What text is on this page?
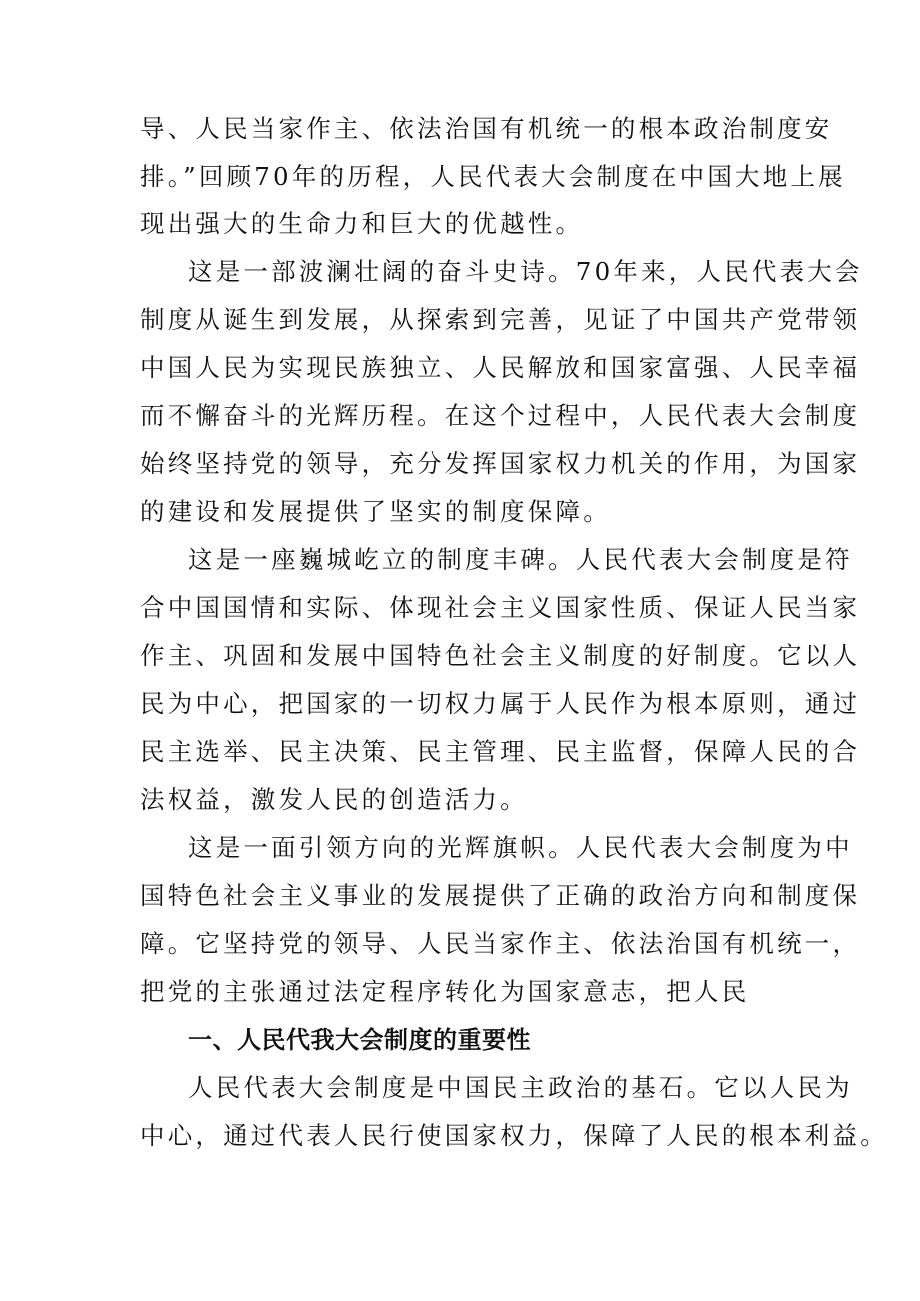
导、人民当家作主、依法治国有机统一的根本政治制度安

排。”回顾70年的历程，人民代表大会制度在中国大地上展

现出强大的生命力和巨大的优越性。

这是一部波澜壮阔的奋斗史诗。70年来，人民代表大会

制度从诞生到发展，从探索到完善，见证了中国共产党带领

中国人民为实现民族独立、人民解放和国家富强、人民幸福

而不懈奋斗的光辉历程。在这个过程中，人民代表大会制度

始终坚持党的领导，充分发挥国家权力机关的作用，为国家

的建设和发展提供了坚实的制度保障。

这是一座巍城屹立的制度丰碑。人民代表大会制度是符

合中国国情和实际、体现社会主义国家性质、保证人民当家

作主、巩固和发展中国特色社会主义制度的好制度。它以人

民为中心，把国家的一切权力属于人民作为根本原则，通过

民主选举、民主决策、民主管理、民主监督，保障人民的合

法权益，激发人民的创造活力。

这是一面引领方向的光辉旗帜。人民代表大会制度为中

国特色社会主义事业的发展提供了正确的政治方向和制度保

障。它坚持党的领导、人民当家作主、依法治国有机统一，

把党的主张通过法定程序转化为国家意志，把人民

一、人民代我大会制度的重要性

人民代表大会制度是中国民主政治的基石。它以人民为

中心，通过代表人民行使国家权力，保障了人民的根本利益。
